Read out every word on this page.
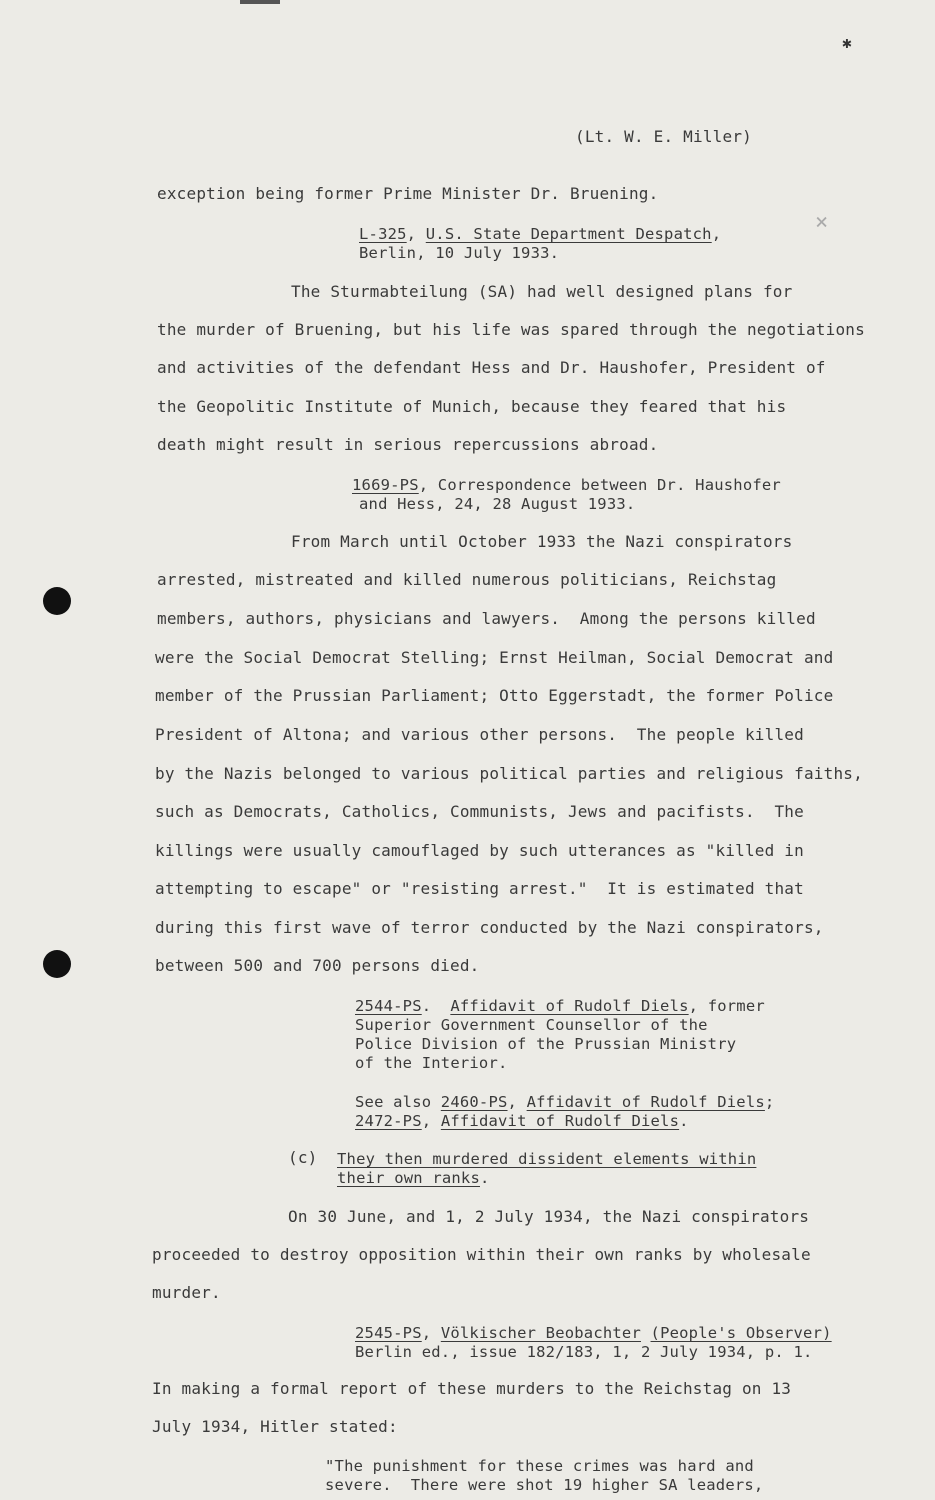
✱
×
(Lt. W. E. Miller)
exception being former Prime Minister Dr. Bruening.
L-325, U.S. State Department Despatch,
Berlin, 10 July 1933.
The Sturmabteilung (SA) had well designed plans for
the murder of Bruening, but his life was spared through the negotiations
and activities of the defendant Hess and Dr. Haushofer, President of
the Geopolitic Institute of Munich, because they feared that his
death might result in serious repercussions abroad.
1669-PS, Correspondence between Dr. Haushofer
and Hess, 24, 28 August 1933.
From March until October 1933 the Nazi conspirators
arrested, mistreated and killed numerous politicians, Reichstag
members, authors, physicians and lawyers.  Among the persons killed
were the Social Democrat Stelling; Ernst Heilman, Social Democrat and
member of the Prussian Parliament; Otto Eggerstadt, the former Police
President of Altona; and various other persons.  The people killed
by the Nazis belonged to various political parties and religious faiths,
such as Democrats, Catholics, Communists, Jews and pacifists.  The
killings were usually camouflaged by such utterances as "killed in
attempting to escape" or "resisting arrest."  It is estimated that
during this first wave of terror conducted by the Nazi conspirators,
between 500 and 700 persons died.
2544-PS.  Affidavit of Rudolf Diels, former
Superior Government Counsellor of the
Police Division of the Prussian Ministry
of the Interior.
See also 2460-PS, Affidavit of Rudolf Diels;
2472-PS, Affidavit of Rudolf Diels.
(c) They then murdered dissident elements within
their own ranks.
On 30 June, and 1, 2 July 1934, the Nazi conspirators
proceeded to destroy opposition within their own ranks by wholesale
murder.
2545-PS, Völkischer Beobachter (People's Observer)
Berlin ed., issue 182/183, 1, 2 July 1934, p. 1.
In making a formal report of these murders to the Reichstag on 13
July 1934, Hitler stated:
"The punishment for these crimes was hard and
severe.  There were shot 19 higher SA leaders,
